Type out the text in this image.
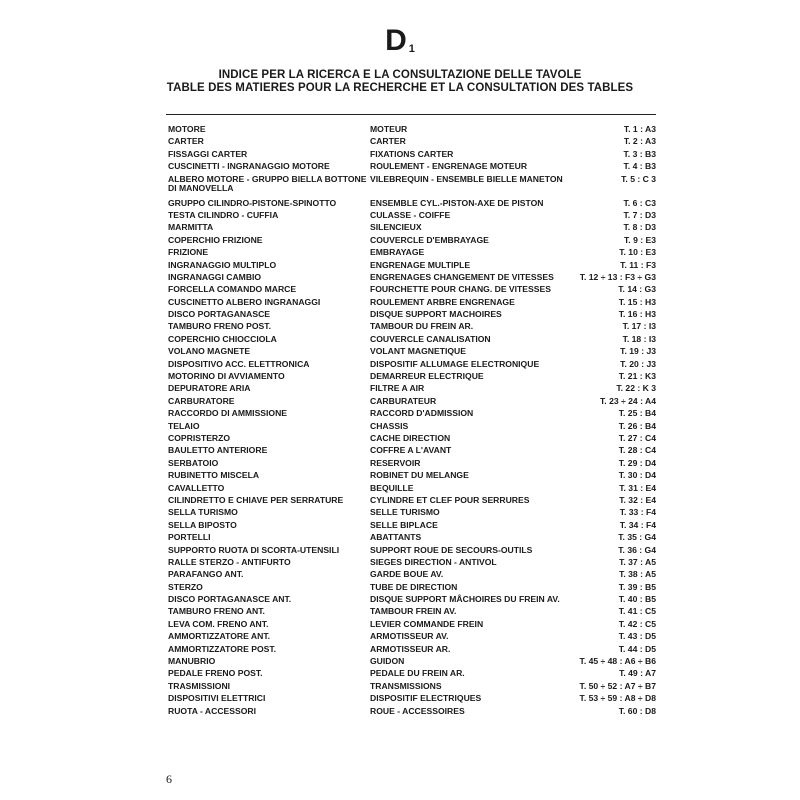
D 1
INDICE PER LA RICERCA E LA CONSULTAZIONE DELLE TAVOLE
TABLE DES MATIERES POUR LA RECHERCHE ET LA CONSULTATION DES TABLES
MOTORE	MOTEUR	T. 1 : A3
CARTER	CARTER	T. 2 : A3
FISSAGGI CARTER	FIXATIONS CARTER	T. 3 : B3
CUSCINETTI - INGRANAGGIO MOTORE	ROULEMENT - ENGRENAGE MOTEUR	T. 4 : B3
ALBERO MOTORE - GRUPPO BIELLA BOTTONE DI MANOVELLA
VILEBREQUIN - ENSEMBLE BIELLE MANETON	T. 5 : C 3
GRUPPO CILINDRO-PISTONE-SPINOTTO	ENSEMBLE CYL.-PISTON-AXE DE PISTON	T. 6 : C3
TESTA CILINDRO - CUFFIA	CULASSE - COIFFE	T. 7 : D3
MARMITTA	SILENCIEUX	T. 8 : D3
COPERCHIO FRIZIONE	COUVERCLE D'EMBRAYAGE	T. 9 : E3
FRIZIONE	EMBRAYAGE	T. 10 : E3
INGRANAGGIO MULTIPLO	ENGRENAGE MULTIPLE	T. 11 : F3
INGRANAGGI CAMBIO	ENGRENAGES CHANGEMENT DE VITESSES	T. 12 ÷ 13 : F3 ÷ G3
FORCELLA COMANDO MARCE	FOURCHETTE POUR CHANG. DE VITESSES	T. 14 : G3
CUSCINETTO ALBERO INGRANAGGI	ROULEMENT ARBRE ENGRENAGE	T. 15 : H3
DISCO PORTAGANASCE	DISQUE SUPPORT MACHOIRES	T. 16 : H3
TAMBURO FRENO POST.	TAMBOUR DU FREIN AR.	T. 17 : I3
COPERCHIO CHIOCCIOLA	COUVERCLE CANALISATION	T. 18 : I3
VOLANO MAGNETE	VOLANT MAGNETIQUE	T. 19 : J3
DISPOSITIVO ACC. ELETTRONICA	DISPOSITIF ALLUMAGE ELECTRONIQUE	T. 20 : J3
MOTORINO DI AVVIAMENTO	DEMARREUR ELECTRIQUE	T. 21 : K3
DEPURATORE ARIA	FILTRE A AIR	T. 22 : K 3
CARBURATORE	CARBURATEUR	T. 23 ÷ 24 : A4
RACCORDO DI AMMISSIONE	RACCORD D'ADMISSION	T. 25 : B4
TELAIO	CHASSIS	T. 26 : B4
COPRISTERZO	CACHE DIRECTION	T. 27 : C4
BAULETTO ANTERIORE	COFFRE A L'AVANT	T. 28 : C4
SERBATOIO	RESERVOIR	T. 29 : D4
RUBINETTO MISCELA	ROBINET DU MELANGE	T. 30 : D4
CAVALLETTO	BEQUILLE	T. 31 : E4
CILINDRETTO E CHIAVE PER SERRATURE	CYLINDRE ET CLEF POUR SERRURES	T. 32 : E4
SELLA TURISMO	SELLE TURISMO	T. 33 : F4
SELLA BIPOSTO	SELLE BIPLACE	T. 34 : F4
PORTELLI	ABATTANTS	T. 35 : G4
SUPPORTO RUOTA DI SCORTA-UTENSILI	SUPPORT ROUE DE SECOURS-OUTILS	T. 36 : G4
RALLE STERZO - ANTIFURTO	SIEGES DIRECTION - ANTIVOL	T. 37 : A5
PARAFANGO ANT.	GARDE BOUE AV.	T. 38 : A5
STERZO	TUBE DE DIRECTION	T. 39 : B5
DISCO PORTAGANASCE ANT.	DISQUE SUPPORT MÂCHOIRES DU FREIN AV.	T. 40 : B5
TAMBURO FRENO ANT.	TAMBOUR FREIN AV.	T. 41 : C5
LEVA COM. FRENO ANT.	LEVIER COMMANDE FREIN	T. 42 : C5
AMMORTIZZATORE ANT.	ARMOTISSEUR AV.	T. 43 : D5
AMMORTIZZATORE POST.	ARMOTISSEUR AR.	T. 44 : D5
MANUBRIO	GUIDON	T. 45 ÷ 48 : A6 ÷ B6
PEDALE FRENO POST.	PEDALE DU FREIN AR.	T. 49 : A7
TRASMISSIONI	TRANSMISSIONS	T. 50 ÷ 52 : A7 ÷ B7
DISPOSITIVI ELETTRICI	DISPOSITIF ELECTRIQUES	T. 53 ÷ 59 : A8 ÷ D8
RUOTA - ACCESSORI	ROUE - ACCESSOIRES	T. 60 : D8
6
